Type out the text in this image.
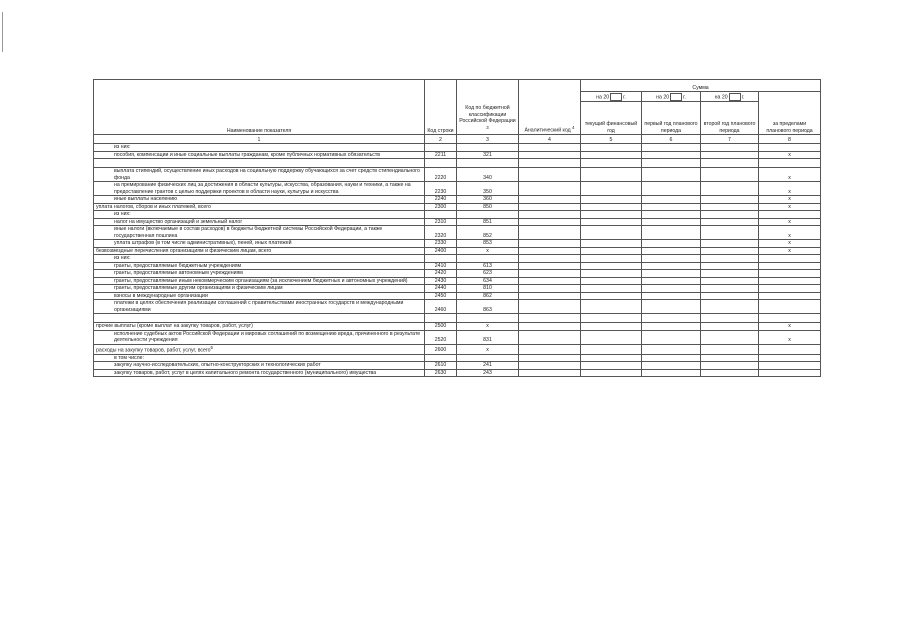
Наименование показателя	Код строки	Код по бюджетной классификации Российской Федерации $^3$	Аналитический код $^4$	Сумма			
				на 20 г.	на 20 г.	на 20 г.	за пределами планового периода
				текущий финансовый год	первый год планового периода	второй год планового периода	
1	2	3	4	5	6	7	8
из них:							
пособия, компенсации и иные социальные выплаты гражданам, кроме публичных нормативных обязательств	2211	321					x

выплата стипендий, осуществление иных расходов на социальную поддержку обучающихся за счет средств стипендиального фонда	2220	340					x
на премирование физических лиц за достижения в области культуры, искусства, образования, науки и техники, а также на предоставление грантов с целью поддержки проектов в области науки, культуры и искусства	2230	350					x
иные выплаты населению	2240	360					x
уплата налогов, сборов и иных платежей, всего	2300	850					x
из них:							
налог на имущество организаций и земельный налог	2310	851					x
иные налоги (включаемые в состав расходов) в бюджеты бюджетной системы Российской Федерации, а также государственная пошлина	2320	852					x
уплата штрафов (в том числе административных), пеней, иных платежей	2330	853					x
безвозмездные перечисления организациям и физическим лицам, всего	2400	x					x
из них:							
гранты, предоставляемые бюджетным учреждениям	2410	613					
гранты, предоставляемые автономным учреждениям	2420	623					
гранты, предоставляемые иным некоммерческим организациям (за исключением бюджетных и автономных учреждений)	2430	634					
гранты, предоставляемые другим организациям и физическим лицам	2440	810					
взносы в международные организации	2450	862					
платежи в целях обеспечения реализации соглашений с правительствами иностранных государств и международными организациями	2460	863					

прочие выплаты (кроме выплат на закупку товаров, работ, услуг)	2500	x					x
исполнение судебных актов Российской Федерации и мировых соглашений по возмещению вреда, причиненного в результате деятельности учреждения	2520	831					x
расходы на закупку товаров, работ, услуг, всего$^5$	2600	x					
в том числе:							
закупку научно-исследовательских, опытно-конструкторских и технологических работ	2610	241					
закупку товаров, работ, услуг в целях капитального ремонта государственного (муниципального) имущества	2630	243					
